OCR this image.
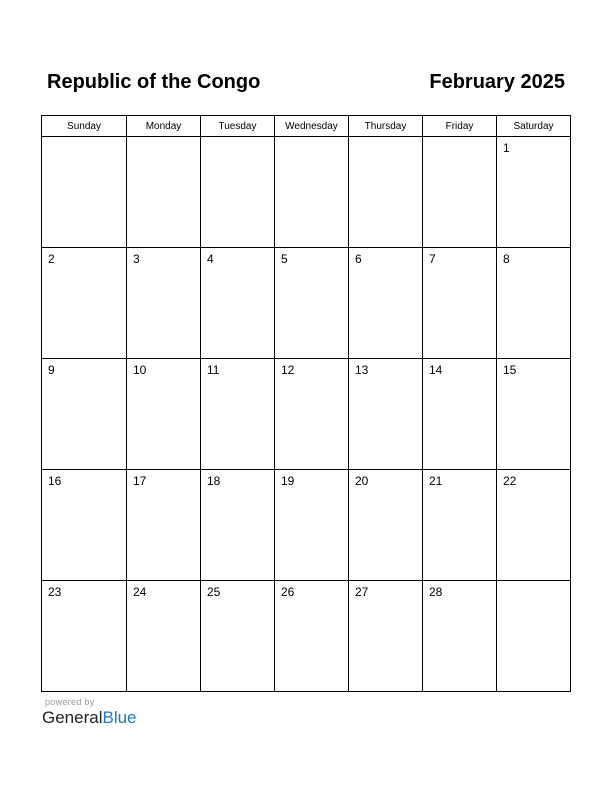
Republic of the Congo	February 2025
Sunday	Monday	Tuesday	Wednesday	Thursday	Friday	Saturday

						1

2	3	4	5	6	7	8

9	10	11	12	13	14	15

16	17	18	19	20	21	22

23	24	25	26	27	28	

powered by
GeneralBlue
